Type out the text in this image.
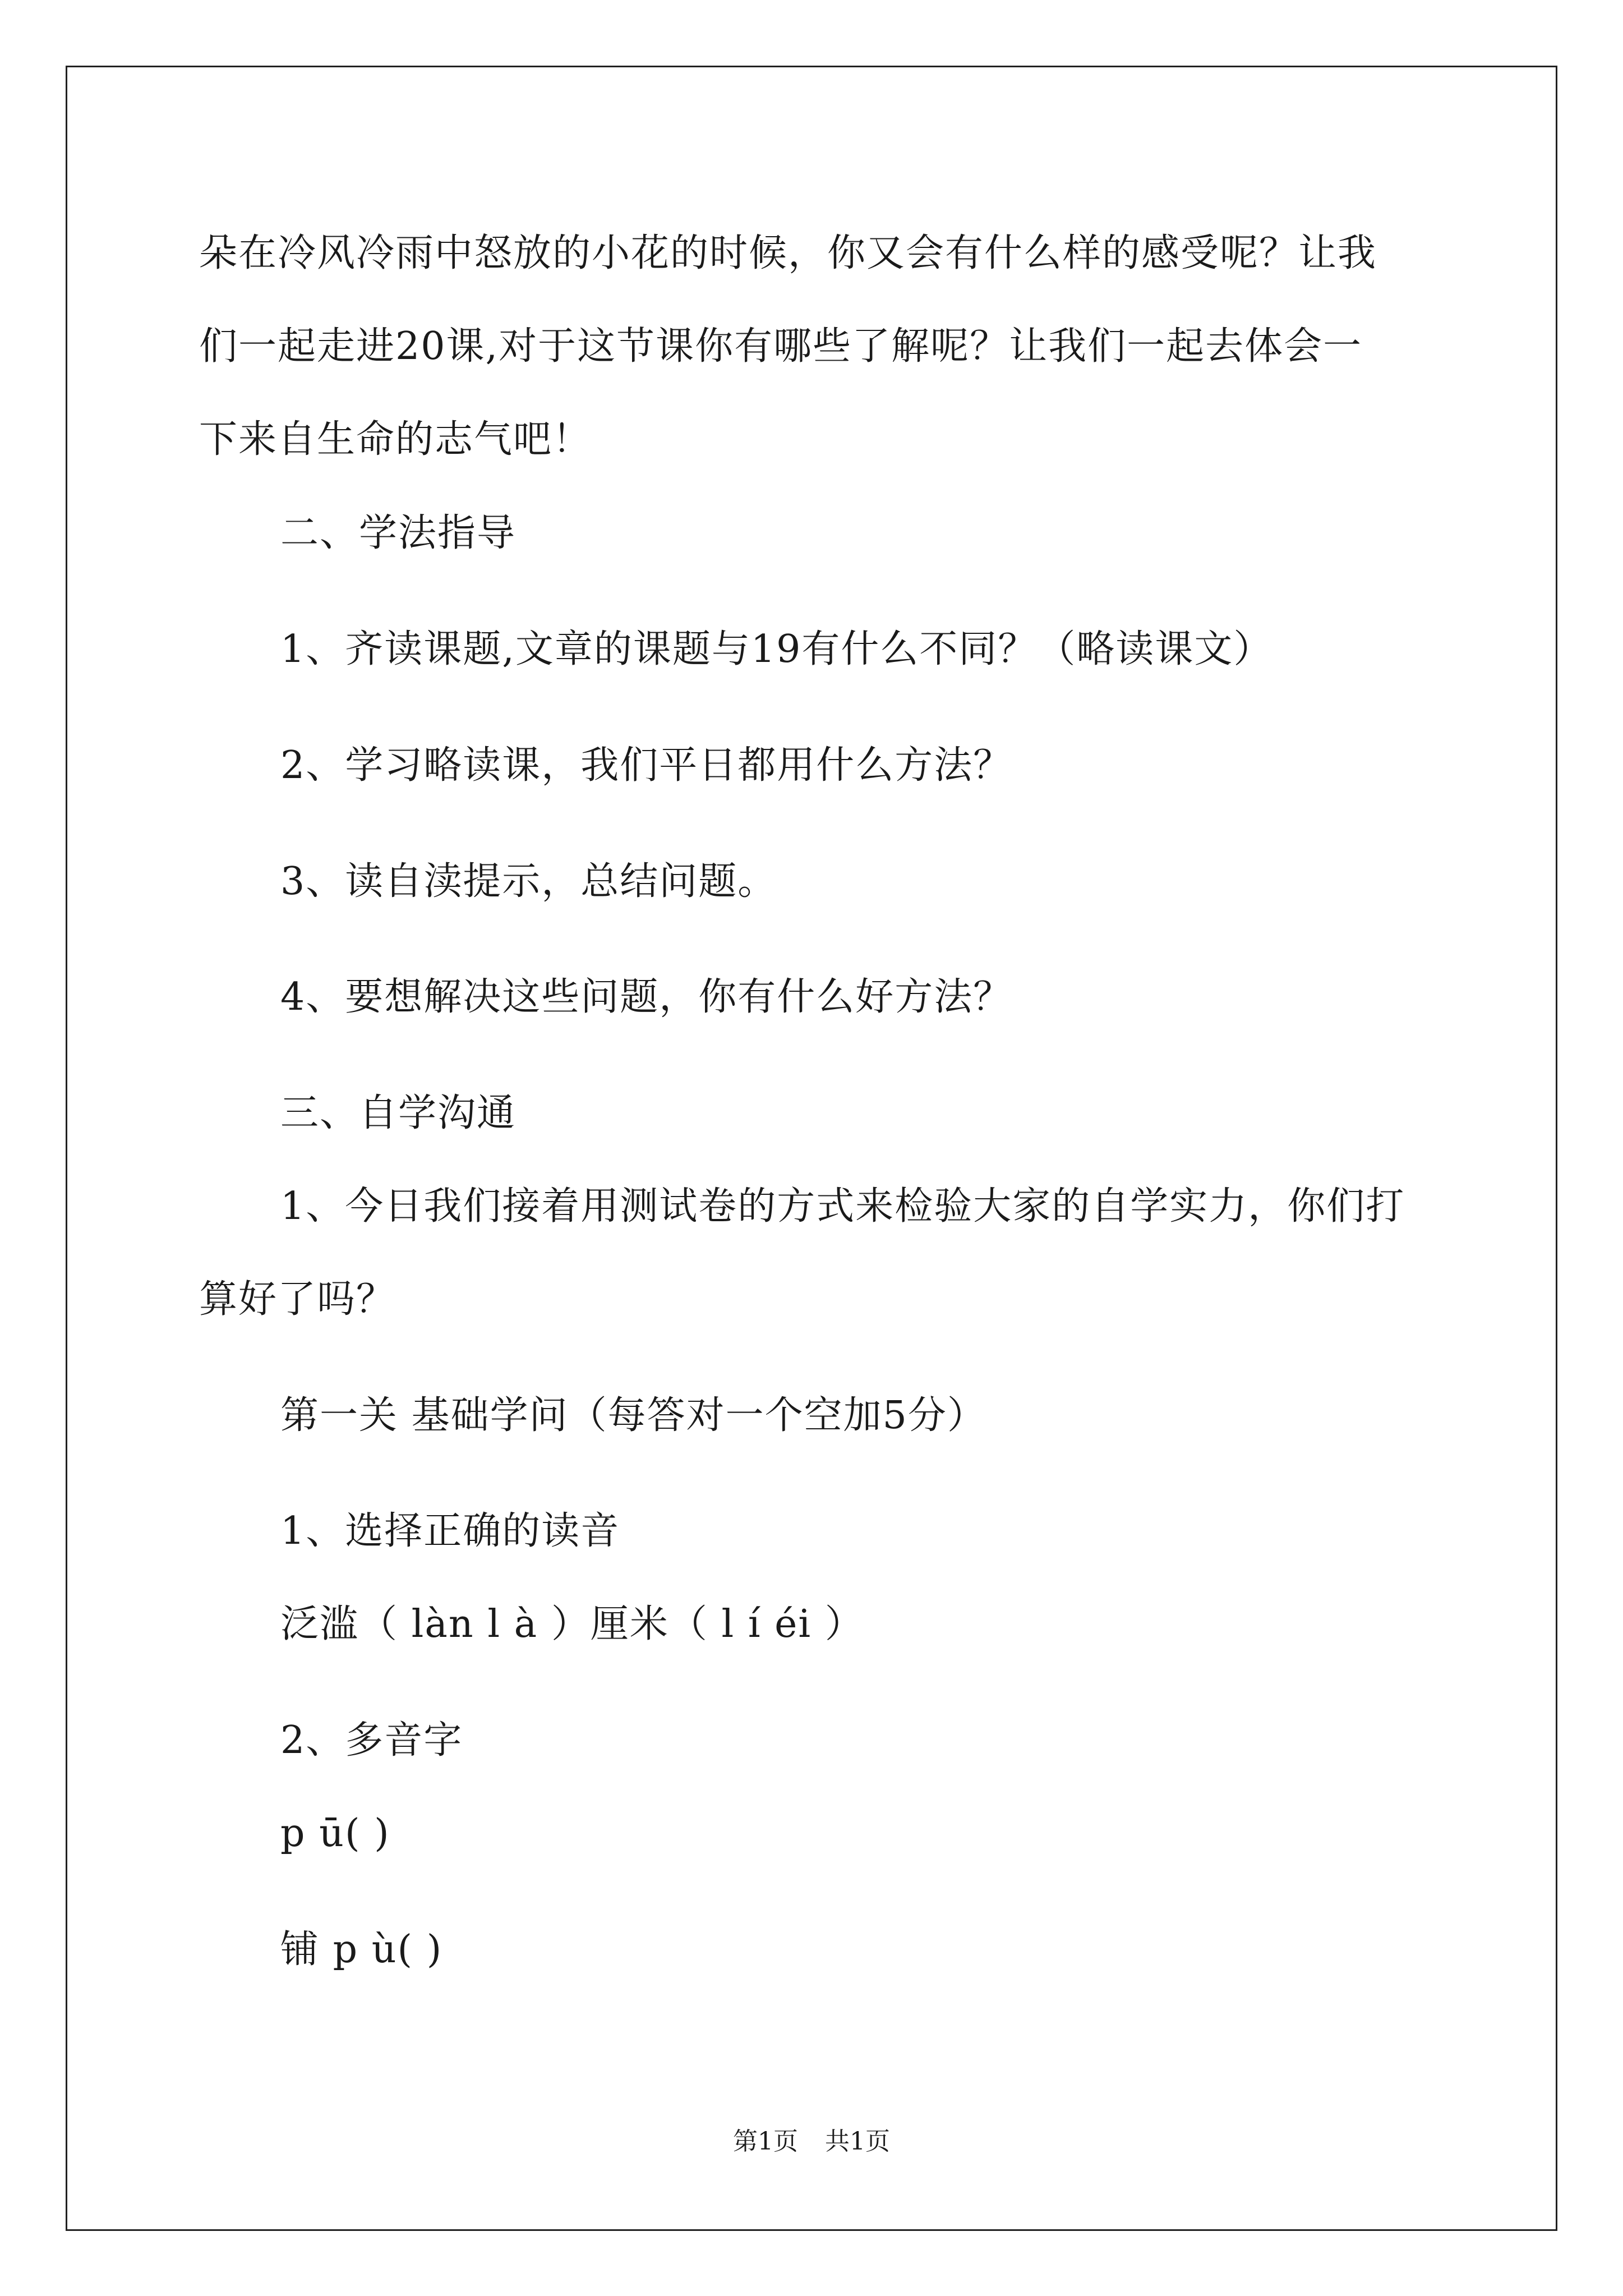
朵在冷风冷雨中怒放的小花的时候，你又会有什么样的感受呢？让我
们一起走进20课,对于这节课你有哪些了解呢？让我们一起去体会一
下来自生命的志气吧！
二、学法指导
1、齐读课题,文章的课题与19有什么不同？（略读课文）
2、学习略读课，我们平日都用什么方法？
3、读自渎提示，总结问题。
4、要想解决这些问题，你有什么好方法？
三、自学沟通
1、今日我们接着用测试卷的方式来检验大家的自学实力，你们打
算好了吗？
第一关 基础学问（每答对一个空加5分）
1、选择正确的读音
泛滥（ làn l à ）厘米（ l í éi ）
2、多音字
p ū( )
铺 p ù( )
第1页 共1页
